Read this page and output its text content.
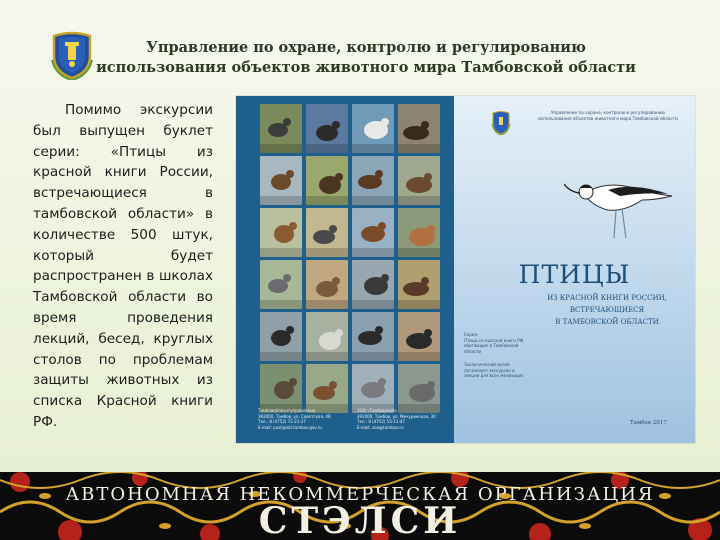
Управление по охране, контролю и регулированию
использования объектов животного мира Тамбовской области
Помимо экскурсии был выпущен буклет серии: «Птицы из красной книги России, встречающиеся в тамбовской области» в количестве 500 штук, который будет распространен в школах Тамбовской области во время проведения лекций, бесед, круглых столов по проблемам защиты животных из списка Красной книги РФ.
Тамбовоблохотуправление
392000, Тамбов, ул. Советская, 48
Тел.: 8 (4752) 72-21-37
E-mail: post@obl.tambov.gov.ru
ЗОО «Тамбовский»
392000, Тамбов, ул. Мичуринская, 30
Тел.: 8 (4752) 53-11-47
E-mail: zoo@tambov.ru
Управление по охране, контролю и регулированию использования объектов животного мира Тамбовской области
ПТИЦЫ
ИЗ КРАСНОЙ КНИГИ РОССИИ,
ВСТРЕЧАЮЩИЕСЯ
В ТАМБОВСКОЙ ОБЛАСТИ
Серия:
Птицы из красной книги РФ, обитающие в Тамбовской области
Зоологический музей организует экскурсии и лекции для всех желающих
Тамбов 2017
АВТОНОМНАЯ НЕКОММЕРЧЕСКАЯ ОРГАНИЗАЦИЯ
СТЭЛСИ
